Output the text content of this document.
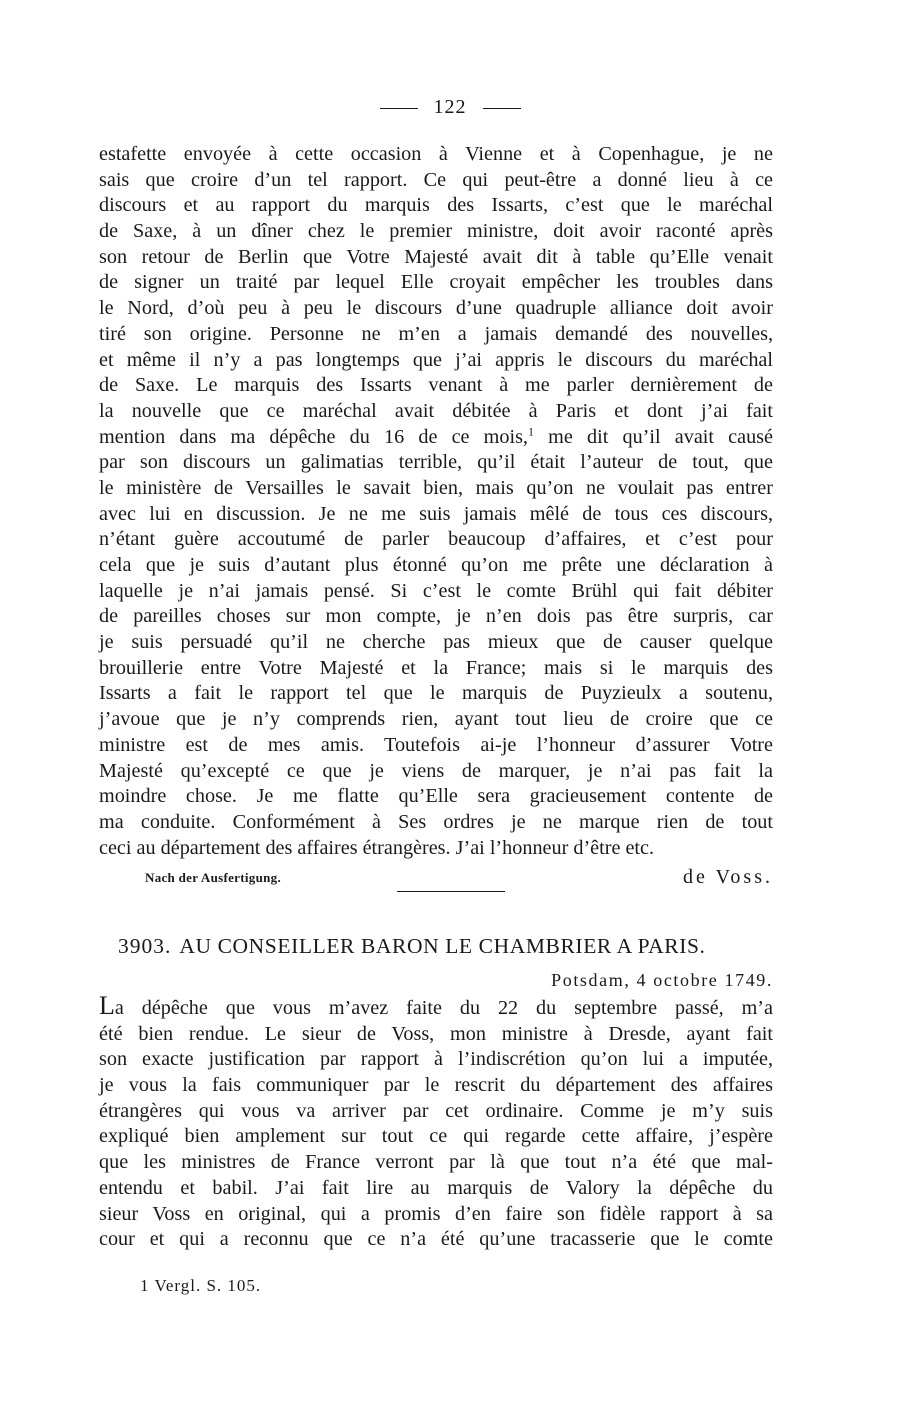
122
estafette envoyée à cette occasion à Vienne et à Copenhague, je ne
sais que croire d’un tel rapport. Ce qui peut-être a donné lieu à ce
discours et au rapport du marquis des Issarts, c’est que le maréchal
de Saxe, à un dîner chez le premier ministre, doit avoir raconté après
son retour de Berlin que Votre Majesté avait dit à table qu’Elle venait
de signer un traité par lequel Elle croyait empêcher les troubles dans
le Nord, d’où peu à peu le discours d’une quadruple alliance doit avoir
tiré son origine. Personne ne m’en a jamais demandé des nouvelles,
et même il n’y a pas longtemps que j’ai appris le discours du maréchal
de Saxe. Le marquis des Issarts venant à me parler dernièrement de
la nouvelle que ce maréchal avait débitée à Paris et dont j’ai fait
mention dans ma dépêche du 16 de ce mois,$^1$ me dit qu’il avait causé
par son discours un galimatias terrible, qu’il était l’auteur de tout, que
le ministère de Versailles le savait bien, mais qu’on ne voulait pas entrer
avec lui en discussion. Je ne me suis jamais mêlé de tous ces discours,
n’étant guère accoutumé de parler beaucoup d’affaires, et c’est pour
cela que je suis d’autant plus étonné qu’on me prête une déclaration à
laquelle je n’ai jamais pensé. Si c’est le comte Brühl qui fait débiter
de pareilles choses sur mon compte, je n’en dois pas être surpris, car
je suis persuadé qu’il ne cherche pas mieux que de causer quelque
brouillerie entre Votre Majesté et la France; mais si le marquis des
Issarts a fait le rapport tel que le marquis de Puyzieulx a soutenu,
j’avoue que je n’y comprends rien, ayant tout lieu de croire que ce
ministre est de mes amis. Toutefois ai-je l’honneur d’assurer Votre
Majesté qu’excepté ce que je viens de marquer, je n’ai pas fait la
moindre chose. Je me flatte qu’Elle sera gracieusement contente de
ma conduite. Conformément à Ses ordres je ne marque rien de tout
ceci au département des affaires étrangères. J’ai l’honneur d’être etc.
Nach der Ausfertigung.	de Voss.
3903. AU CONSEILLER BARON LE CHAMBRIER A PARIS.
Potsdam, 4 octobre 1749.
La dépêche que vous m’avez faite du 22 du septembre passé, m’a
été bien rendue. Le sieur de Voss, mon ministre à Dresde, ayant fait
son exacte justification par rapport à l’indiscrétion qu’on lui a imputée,
je vous la fais communiquer par le rescrit du département des affaires
étrangères qui vous va arriver par cet ordinaire. Comme je m’y suis
expliqué bien amplement sur tout ce qui regarde cette affaire, j’espère
que les ministres de France verront par là que tout n’a été que mal-
entendu et babil. J’ai fait lire au marquis de Valory la dépêche du
sieur Voss en original, qui a promis d’en faire son fidèle rapport à sa
cour et qui a reconnu que ce n’a été qu’une tracasserie que le comte
1 Vergl. S. 105.
